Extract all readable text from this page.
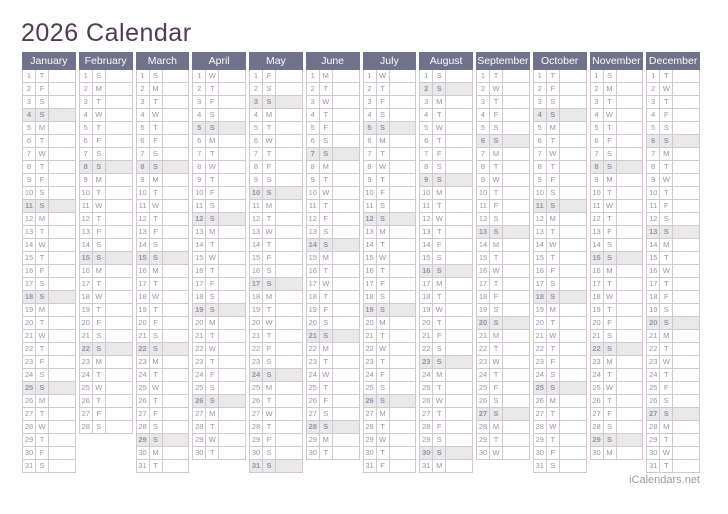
2026 Calendar
January
1	T
2	F
3	S
4	S
5	M
6	T
7 W
8	T
9	F
10 S
11 S
12 M
13 T
14 W
15 T
16 F
17 S
18 S
19 M
20 T
21 W
22 T
23 F
24 S
25 S
26 M
27 T
28 W
29 T
30 F
31 S
February
1	S
2	M
3	T
4 W
5	T
6	F
7	S
8	S
9	M
10 T
11 W
12 T
13 F
14 S
15 S
16 M
17 T
18 W
19 T
20 F
21 S
22 S
23 M
24 T
25 W
26 T
27 F
28 S
March
1	S
2	M
3	T
4 W
5	T
6	F
7	S
8	S
9	M
10 T
11 W
12 T
13 F
14 S
15 S
16 M
17 T
18 W
19 T
20 F
21 S
22 S
23 M
24 T
25 W
26 T
27 F
28 S
29 S
30 M
31 T
April
1 W
2	T
3	F
4	S
5	S
6	M
7	T
8 W
9	T
10 F
11 S
12 S
13 M
14 T
15 W
16 T
17 F
18 S
19 S
20 M
21 T
22 W
23 T
24 F
25 S
26 S
27 M
28 T
29 W
30 T
May
1	F
2	S
3	S
4	M
5	T
6 W
7	T
8	F
9	S
10 S
11 M
12 T
13 W
14 T
15 F
16 S
17 S
18 M
19 T
20 W
21 T
22 F
23 S
24 S
25 M
26 T
27 W
28 T
29 F
30 S
31 S
June
1	M
2	T
3 W
4	T
5	F
6	S
7	S
8	M
9	T
10 W
11 T
12 F
13 S
14 S
15 M
16 T
17 W
18 T
19 F
20 S
21 S
22 M
23 T
24 W
25 T
26 F
27 S
28 S
29 M
30 T
July
1 W
2	T
3	F
4	S
5	S
6	M
7	T
8 W
9	T
10 F
11 S
12 S
13 M
14 T
15 W
16 T
17 F
18 S
19 S
20 M
21 T
22 W
23 T
24 F
25 S
26 S
27 M
28 T
29 W
30 T
31 F
August
1	S
2	S
3	M
4	T
5 W
6	T
7	F
8	S
9	S
10 M
11 T
12 W
13 T
14 F
15 S
16 S
17 M
18 T
19 W
20 T
21 F
22 S
23 S
24 M
25 T
26 W
27 T
28 F
29 S
30 S
31 M
September
1	T
2 W
3	T
4	F
5	S
6	S
7	M
8	T
9 W
10 T
11 F
12 S
13 S
14 M
15 T
16 W
17 T
18 F
19 S
20 S
21 M
22 T
23 W
24 T
25 F
26 S
27 S
28 M
29 T
30 W
October
1	T
2	F
3	S
4	S
5	M
6	T
7 W
8	T
9	F
10 S
11 S
12 M
13 T
14 W
15 T
16 F
17 S
18 S
19 M
20 T
21 W
22 T
23 F
24 S
25 S
26 M
27 T
28 W
29 T
30 F
31 S
November
1	S
2	M
3	T
4 W
5	T
6	F
7	S
8	S
9	M
10 T
11 W
12 T
13 F
14 S
15 S
16 M
17 T
18 W
19 T
20 F
21 S
22 S
23 M
24 T
25 W
26 T
27 F
28 S
29 S
30 M
December
1	T
2 W
3	T
4	F
5	S
6	S
7	M
8	T
9 W
10 T
11 F
12 S
13 S
14 M
15 T
16 W
17 T
18 F
19 S
20 S
21 M
22 T
23 W
24 T
25 F
26 S
27 S
28 M
29 T
30 W
31 T
iCalendars.net
